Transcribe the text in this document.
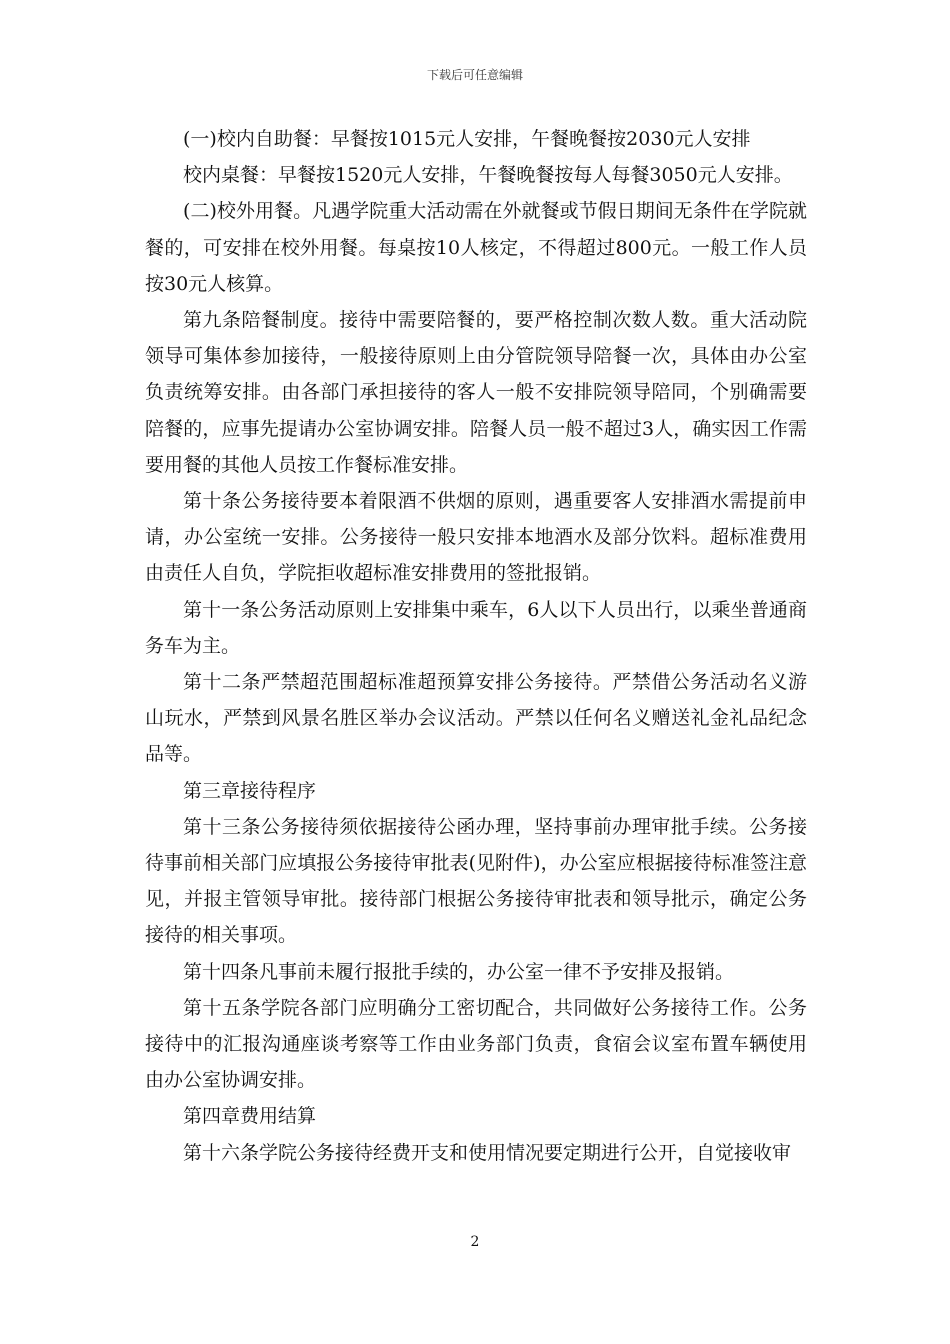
下载后可任意编辑

(一)校内自助餐：早餐按1015元人安排，午餐晚餐按2030元人安排

校内桌餐：早餐按1520元人安排，午餐晚餐按每人每餐3050元人安排。

(二)校外用餐。凡遇学院重大活动需在外就餐或节假日期间无条件在学院就餐的，可安排在校外用餐。每桌按10人核定，不得超过800元。一般工作人员按30元人核算。

第九条陪餐制度。接待中需要陪餐的，要严格控制次数人数。重大活动院领导可集体参加接待，一般接待原则上由分管院领导陪餐一次，具体由办公室负责统筹安排。由各部门承担接待的客人一般不安排院领导陪同，个别确需要陪餐的，应事先提请办公室协调安排。陪餐人员一般不超过3人，确实因工作需要用餐的其他人员按工作餐标准安排。

第十条公务接待要本着限酒不供烟的原则，遇重要客人安排酒水需提前申请，办公室统一安排。公务接待一般只安排本地酒水及部分饮料。超标准费用由责任人自负，学院拒收超标准安排费用的签批报销。

第十一条公务活动原则上安排集中乘车，6人以下人员出行，以乘坐普通商务车为主。

第十二条严禁超范围超标准超预算安排公务接待。严禁借公务活动名义游山玩水，严禁到风景名胜区举办会议活动。严禁以任何名义赠送礼金礼品纪念品等。

第三章接待程序

第十三条公务接待须依据接待公函办理，坚持事前办理审批手续。公务接待事前相关部门应填报公务接待审批表(见附件)，办公室应根据接待标准签注意见，并报主管领导审批。接待部门根据公务接待审批表和领导批示，确定公务接待的相关事项。

第十四条凡事前未履行报批手续的，办公室一律不予安排及报销。

第十五条学院各部门应明确分工密切配合，共同做好公务接待工作。公务接待中的汇报沟通座谈考察等工作由业务部门负责，食宿会议室布置车辆使用由办公室协调安排。

第四章费用结算

第十六条学院公务接待经费开支和使用情况要定期进行公开，自觉接收审

2
